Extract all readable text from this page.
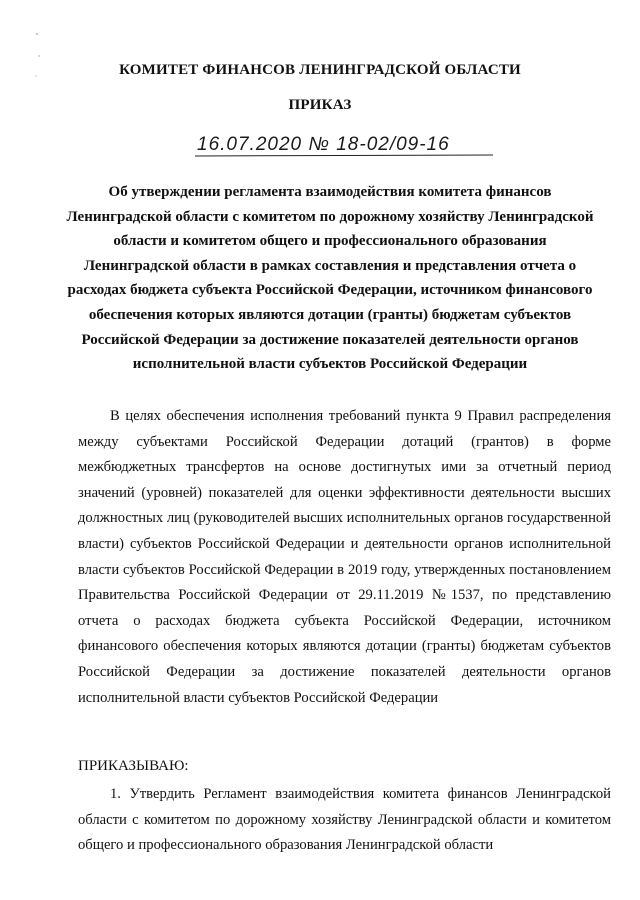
КОМИТЕТ ФИНАНСОВ ЛЕНИНГРАДСКОЙ ОБЛАСТИ
ПРИКАЗ
16.07.2020 № 18-02/09-16
Об утверждении регламента взаимодействия комитета финансов Ленинградской области с комитетом по дорожному хозяйству Ленинградской области и комитетом общего и профессионального образования Ленинградской области в рамках составления и представления отчета о расходах бюджета субъекта Российской Федерации, источником финансового обеспечения которых являются дотации (гранты) бюджетам субъектов Российской Федерации за достижение показателей деятельности органов исполнительной власти субъектов Российской Федерации
В целях обеспечения исполнения требований пункта 9 Правил распределения между субъектами Российской Федерации дотаций (грантов) в форме межбюджетных трансфертов на основе достигнутых ими за отчетный период значений (уровней) показателей для оценки эффективности деятельности высших должностных лиц (руководителей высших исполнительных органов государственной власти) субъектов Российской Федерации и деятельности органов исполнительной власти субъектов Российской Федерации в 2019 году, утвержденных постановлением Правительства Российской Федерации от 29.11.2019 №1537, по представлению отчета о расходах бюджета субъекта Российской Федерации, источником финансового обеспечения которых являются дотации (гранты) бюджетам субъектов Российской Федерации за достижение показателей деятельности органов исполнительной власти субъектов Российской Федерации
ПРИКАЗЫВАЮ:
1. Утвердить Регламент взаимодействия комитета финансов Ленинградской области с комитетом по дорожному хозяйству Ленинградской области и комитетом общего и профессионального образования Ленинградской области
